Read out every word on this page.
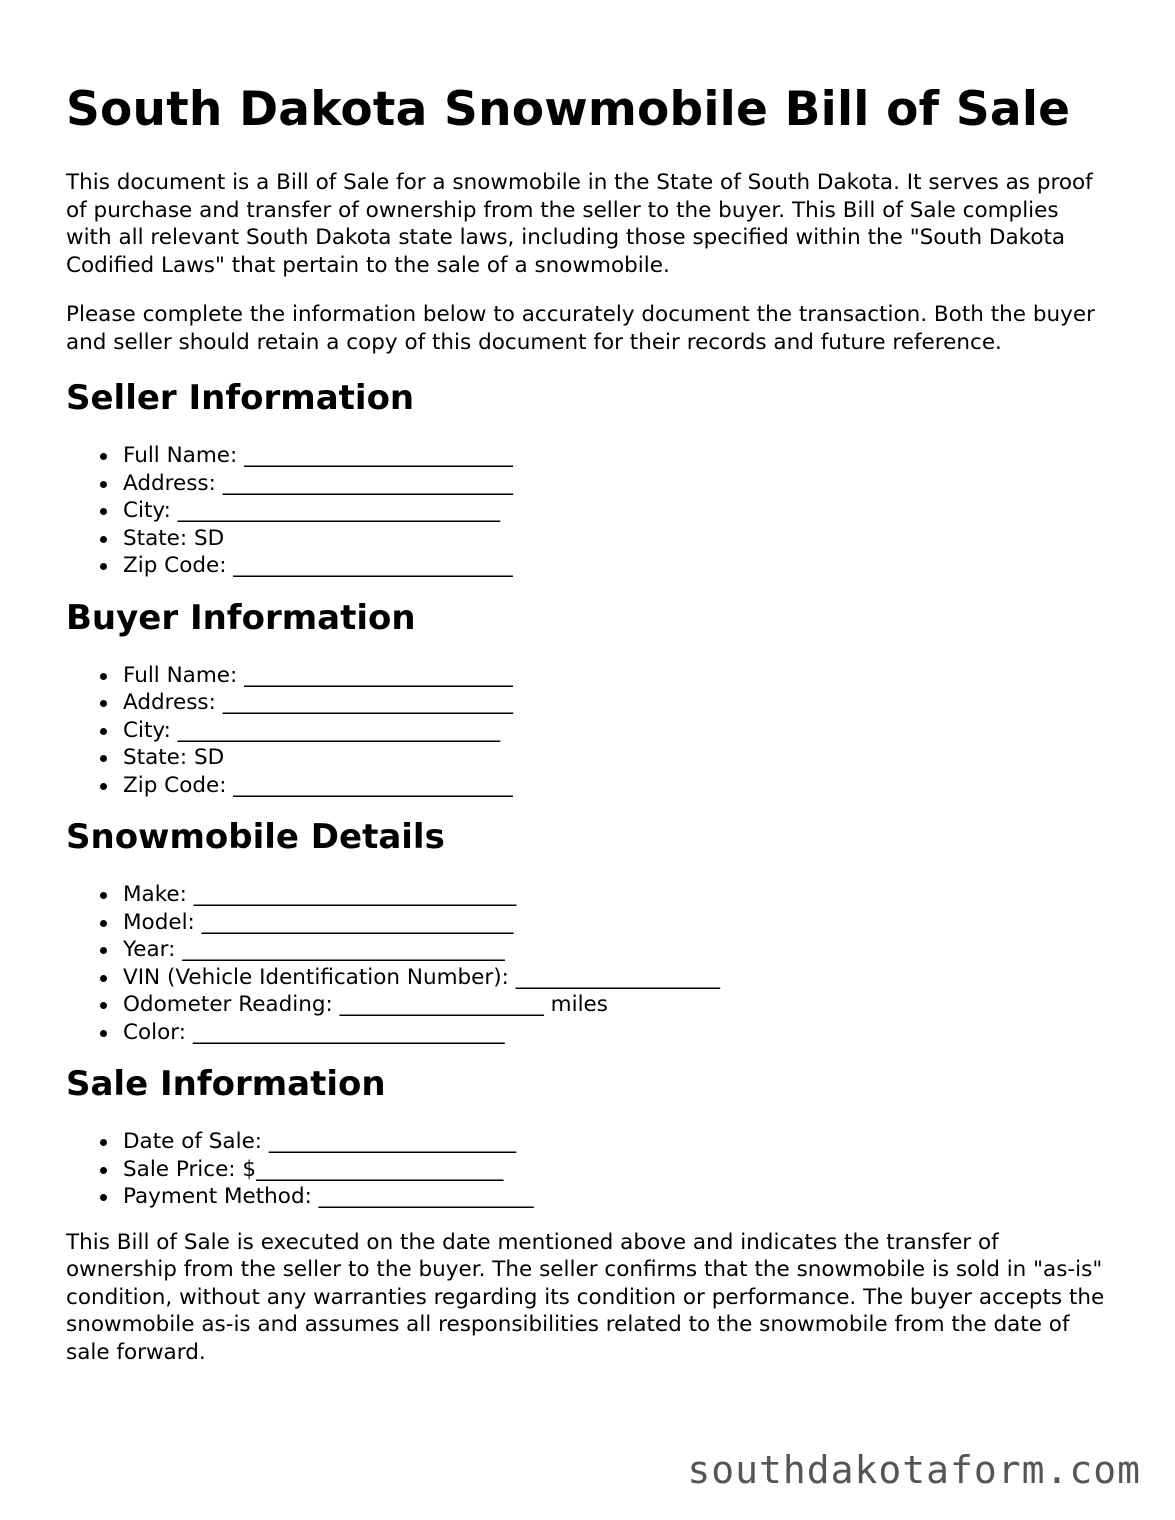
South Dakota Snowmobile Bill of Sale

This document is a Bill of Sale for a snowmobile in the State of South Dakota. It serves as proof of purchase and transfer of ownership from the seller to the buyer. This Bill of Sale complies with all relevant South Dakota state laws, including those specified within the "South Dakota Codified Laws" that pertain to the sale of a snowmobile.

Please complete the information below to accurately document the transaction. Both the buyer and seller should retain a copy of this document for their records and future reference.

Seller Information
Full Name: _________________________
Address: ___________________________
City: ______________________________
State: SD
Zip Code: __________________________
Buyer Information
Full Name: _________________________
Address: ___________________________
City: ______________________________
State: SD
Zip Code: __________________________
Snowmobile Details
Make: ______________________________
Model: _____________________________
Year: ______________________________
VIN (Vehicle Identification Number): ___________________
Odometer Reading: ___________________ miles
Color: _____________________________
Sale Information
Date of Sale: _______________________
Sale Price: $_______________________
Payment Method: ____________________

This Bill of Sale is executed on the date mentioned above and indicates the transfer of ownership from the seller to the buyer. The seller confirms that the snowmobile is sold in "as-is" condition, without any warranties regarding its condition or performance. The buyer accepts the snowmobile as-is and assumes all responsibilities related to the snowmobile from the date of sale forward.

southdakotaform.com
